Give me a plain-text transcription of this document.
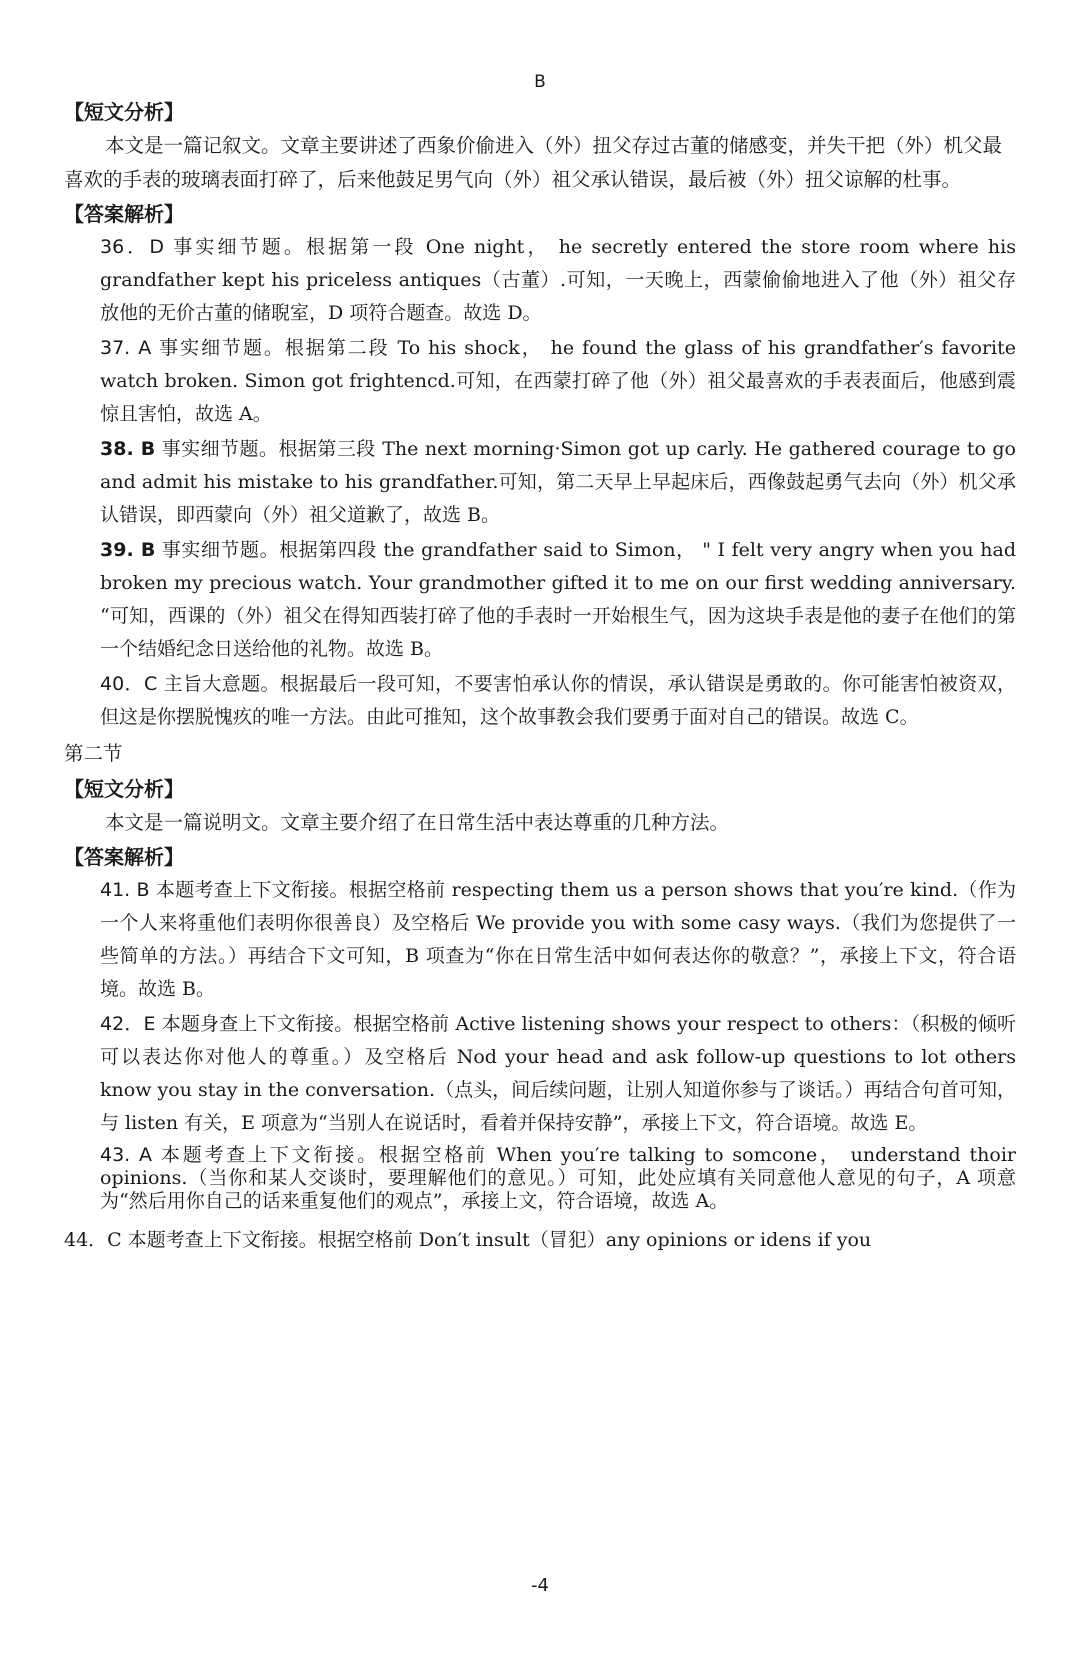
B

【短文分析】

本文是一篇记叙文。文章主要讲述了西象价偷进入（外）扭父存过古董的储感变，并失干把（外）机父最喜欢的手表的玻璃表面打碎了，后来他鼓足男气向（外）祖父承认错误，最后被（外）扭父谅解的杜事。

【答案解析】

36．D 事实细节题。根据第一段 One night， he secretly entered the store room where his grandfather kept his priceless antiques（古董）.可知，一天晚上，西蒙偷偷地进入了他（外）祖父存放他的无价古董的储聣室，D 项符合题查。故选 D。

37. A 事实细节题。根据第二段 To his shock， he found the glass of his grandfather′s favorite watch broken. Simon got frightencd.可知，在西蒙打碎了他（外）祖父最喜欢的手表表面后，他感到震惊且害怕，故选 A。

38. B 事实细节题。根据第三段 The next morning·Simon got up carly. He gathered courage to go and admit his mistake to his grandfather.可知，第二天早上早起床后，西像鼓起勇气去向（外）机父承认错误，即西蒙向（外）祖父道歉了，故选 B。

39. B 事实细节题。根据第四段 the grandfather said to Simon， " I felt very angry when you had broken my precious watch. Your grandmother gifted it to me on our first wedding anniversary. “可知，西课的（外）祖父在得知西装打碎了他的手表时一开始根生气，因为这块手表是他的妻子在他们的第一个结婚纪念日送给他的礼物。故选 B。

40．C 主旨大意题。根据最后一段可知，不要害怕承认你的情误，承认错误是勇敢的。你可能害怕被资双，但这是你摆脱愧疚的唯一方法。由此可推知，这个故事教会我们要勇于面对自己的错误。故选 C。

第二节

【短文分析】

本文是一篇说明文。文章主要介绍了在日常生活中表达尊重的几种方法。

【答案解析】

41. B 本题考查上下文衔接。根据空格前 respecting them us a person shows that you′re kind.（作为一个人来将重他们表明你很善良）及空格后 We provide you with some casy ways.（我们为您提供了一些简单的方法。）再结合下文可知，B 项查为“你在日常生活中如何表达你的敬意？”，承接上下文，符合语境。故选 B。

42．E 本题身查上下文衔接。根据空格前 Active listening shows your respect to others：（积极的倾听可以表达你对他人的尊重。）及空格后 Nod your head and ask follow-up questions to lot others know you stay in the conversation.（点头，间后续问题，让别人知道你参与了谈话。）再结合句首可知，与 listen 有关，E 项意为“当别人在说话时，看着并保持安静”，承接上下文，符合语境。故选 E。

43. A 本题考查上下文衔接。根据空格前 When you′re talking to somcone， understand thoir opinions.（当你和某人交谈时，要理解他们的意见。）可知，此处应填有关同意他人意见的句子，A 项意为“然后用你自己的话来重复他们的观点”，承接上文，符合语境，故选 A。

44．C 本题考查上下文衔接。根据空格前 Don′t insult（冒犯）any opinions or idens if you

-4
